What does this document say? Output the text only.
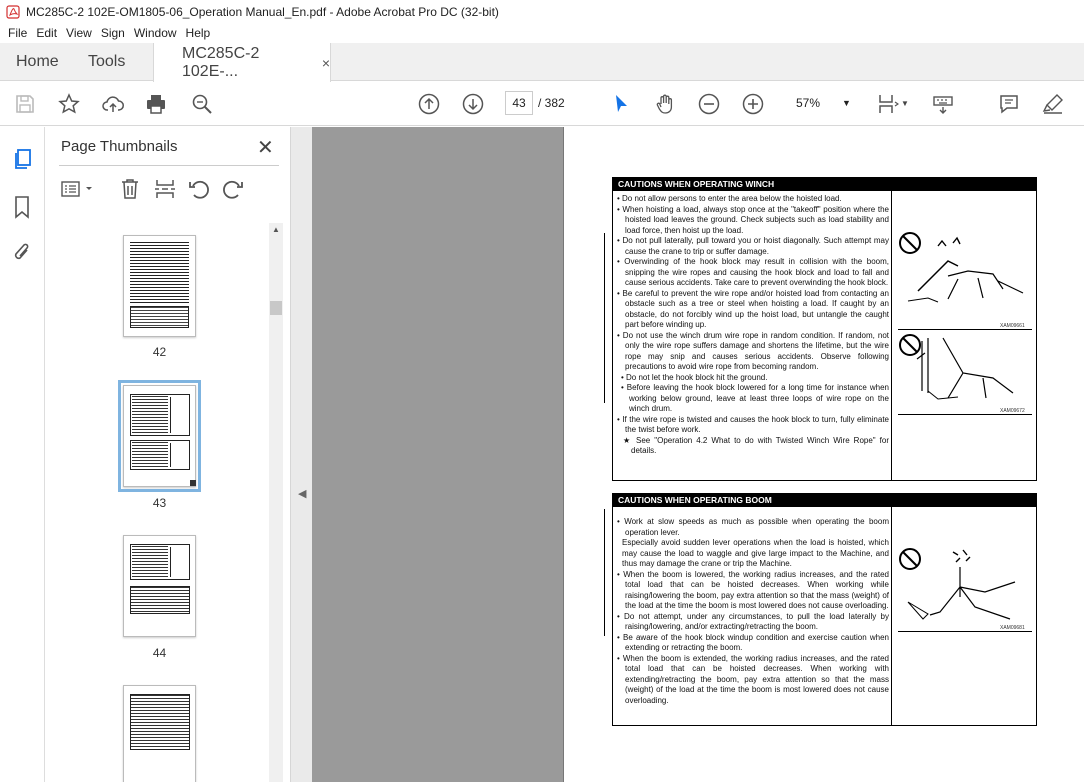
MC285C-2 102E-OM1805-06_Operation Manual_En.pdf - Adobe Acrobat Pro DC (32-bit)
File Edit View Sign Window Help
Home Tools	MC285C-2 102E-...	×
43 / 382	57% ▼	▼
Page Thumbnails	✕
42
43
44
▲
◀
CAUTIONS WHEN OPERATING WINCH

• Do not allow persons to enter the area below the hoisted load.

• When hoisting a load, always stop once at the "takeoff" position where the hoisted load leaves the ground. Check subjects such as load stability and load force, then hoist up the load.

• Do not pull laterally, pull toward you or hoist diagonally. Such attempt may cause the crane to trip or suffer damage.

• Overwinding of the hook block may result in collision with the boom, snipping the wire ropes and causing the hook block and load to fall and cause serious accidents. Take care to prevent overwinding the hook block.

• Be careful to prevent the wire rope and/or hoisted load from contacting an obstacle such as a tree or steel when hoisting a load. If caught by an obstacle, do not forcibly wind up the hoist load, but untangle the caught part before winding up.

• Do not use the winch drum wire rope in random condition. If random, not only the wire rope suffers damage and shortens the lifetime, but the wire rope may snip and causes serious accidents. Observe following precautions to avoid wire rope from becoming random.

• Do not let the hook block hit the ground.

• Before leaving the hook block lowered for a long time for instance when working below ground, leave at least three loops of wire rope on the winch drum.

• If the wire rope is twisted and causes the hook block to turn, fully eliminate the twist before work.

★ See "Operation 4.2 What to do with Twisted Winch Wire Rope" for details.

XAM09661
XAM09672
CAUTIONS WHEN OPERATING BOOM

• Work at slow speeds as much as possible when operating the boom operation lever.

Especially avoid sudden lever operations when the load is hoisted, which may cause the load to waggle and give large impact to the Machine, and thus may damage the crane or trip the Machine.

• When the boom is lowered, the working radius increases, and the rated total load that can be hoisted decreases. When working while raising/lowering the boom, pay extra attention so that the mass (weight) of the load at the time the boom is most lowered does not cause overloading.

• Do not attempt, under any circumstances, to pull the load laterally by raising/lowering, and/or extracting/retracting the boom.

• Be aware of the hook block windup condition and exercise caution when extending or retracting the boom.

• When the boom is extended, the working radius increases, and the rated total load that can be hoisted decreases. When working with extending/retracting the boom, pay extra attention so that the mass (weight) of the load at the time the boom is most lowered does not cause overloading.

XAM09681
